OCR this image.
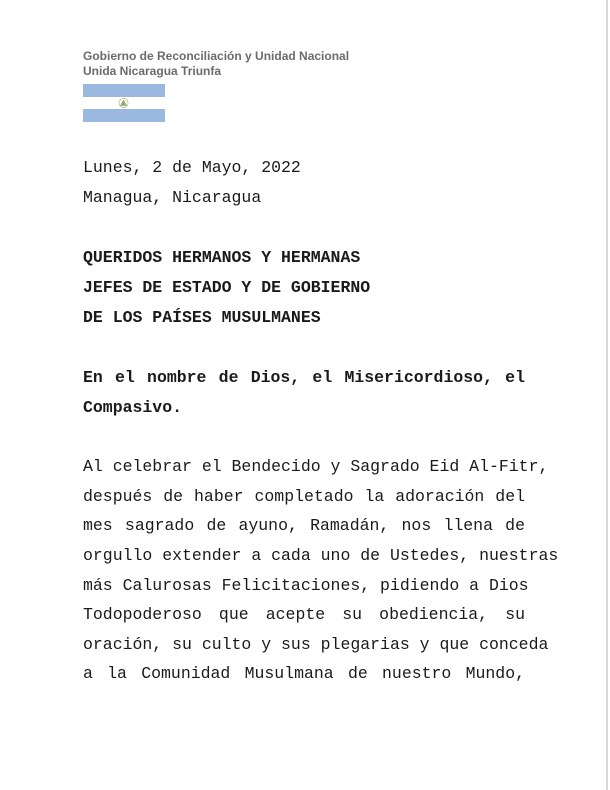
Gobierno de Reconciliación y Unidad Nacional
Unida Nicaragua Triunfa
Lunes, 2 de Mayo, 2022
Managua, Nicaragua
QUERIDOS HERMANOS Y HERMANAS
JEFES DE ESTADO Y DE GOBIERNO
DE LOS PAÍSES MUSULMANES
En el nombre de Dios, el Misericordioso, el
Compasivo.
Al celebrar el Bendecido y Sagrado Eid Al-Fitr,
después de haber completado la adoración del
mes sagrado de ayuno, Ramadán, nos llena de
orgullo extender a cada uno de Ustedes, nuestras
más Calurosas Felicitaciones, pidiendo a Dios
Todopoderoso que acepte su obediencia, su
oración, su culto y sus plegarias y que conceda
a la Comunidad Musulmana de nuestro Mundo,
